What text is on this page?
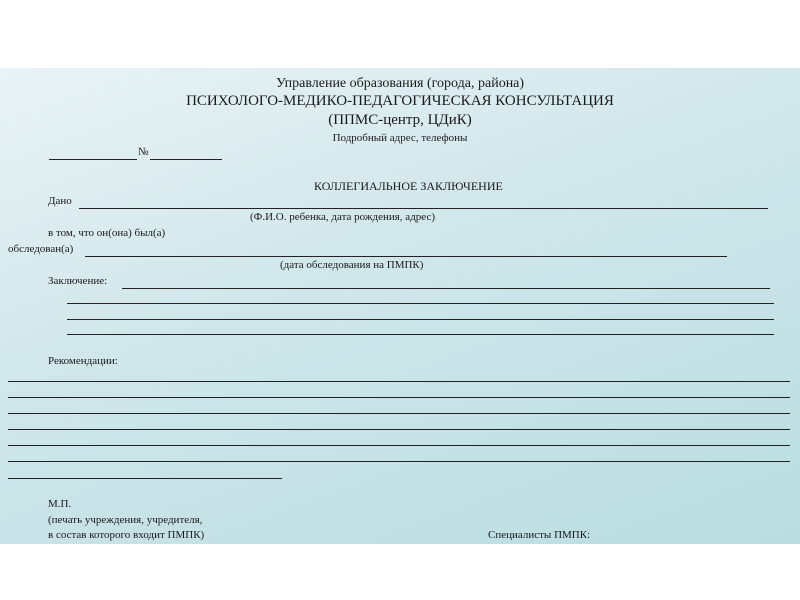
Управление образования (города, района)
ПСИХОЛОГО-МЕДИКО-ПЕДАГОГИЧЕСКАЯ КОНСУЛЬТАЦИЯ
(ППМС-центр, ЦДиК)
Подробный адрес, телефоны
№
КОЛЛЕГИАЛЬНОЕ ЗАКЛЮЧЕНИЕ
Дано
(Ф.И.О. ребенка, дата рождения, адрес)
в том, что он(она) был(а)
обследован(а)
(дата обследования на ПМПК)
Заключение:
Рекомендации:
М.П.
(печать учреждения, учредителя,
в состав которого входит ПМПК)	Специалисты ПМПК:
